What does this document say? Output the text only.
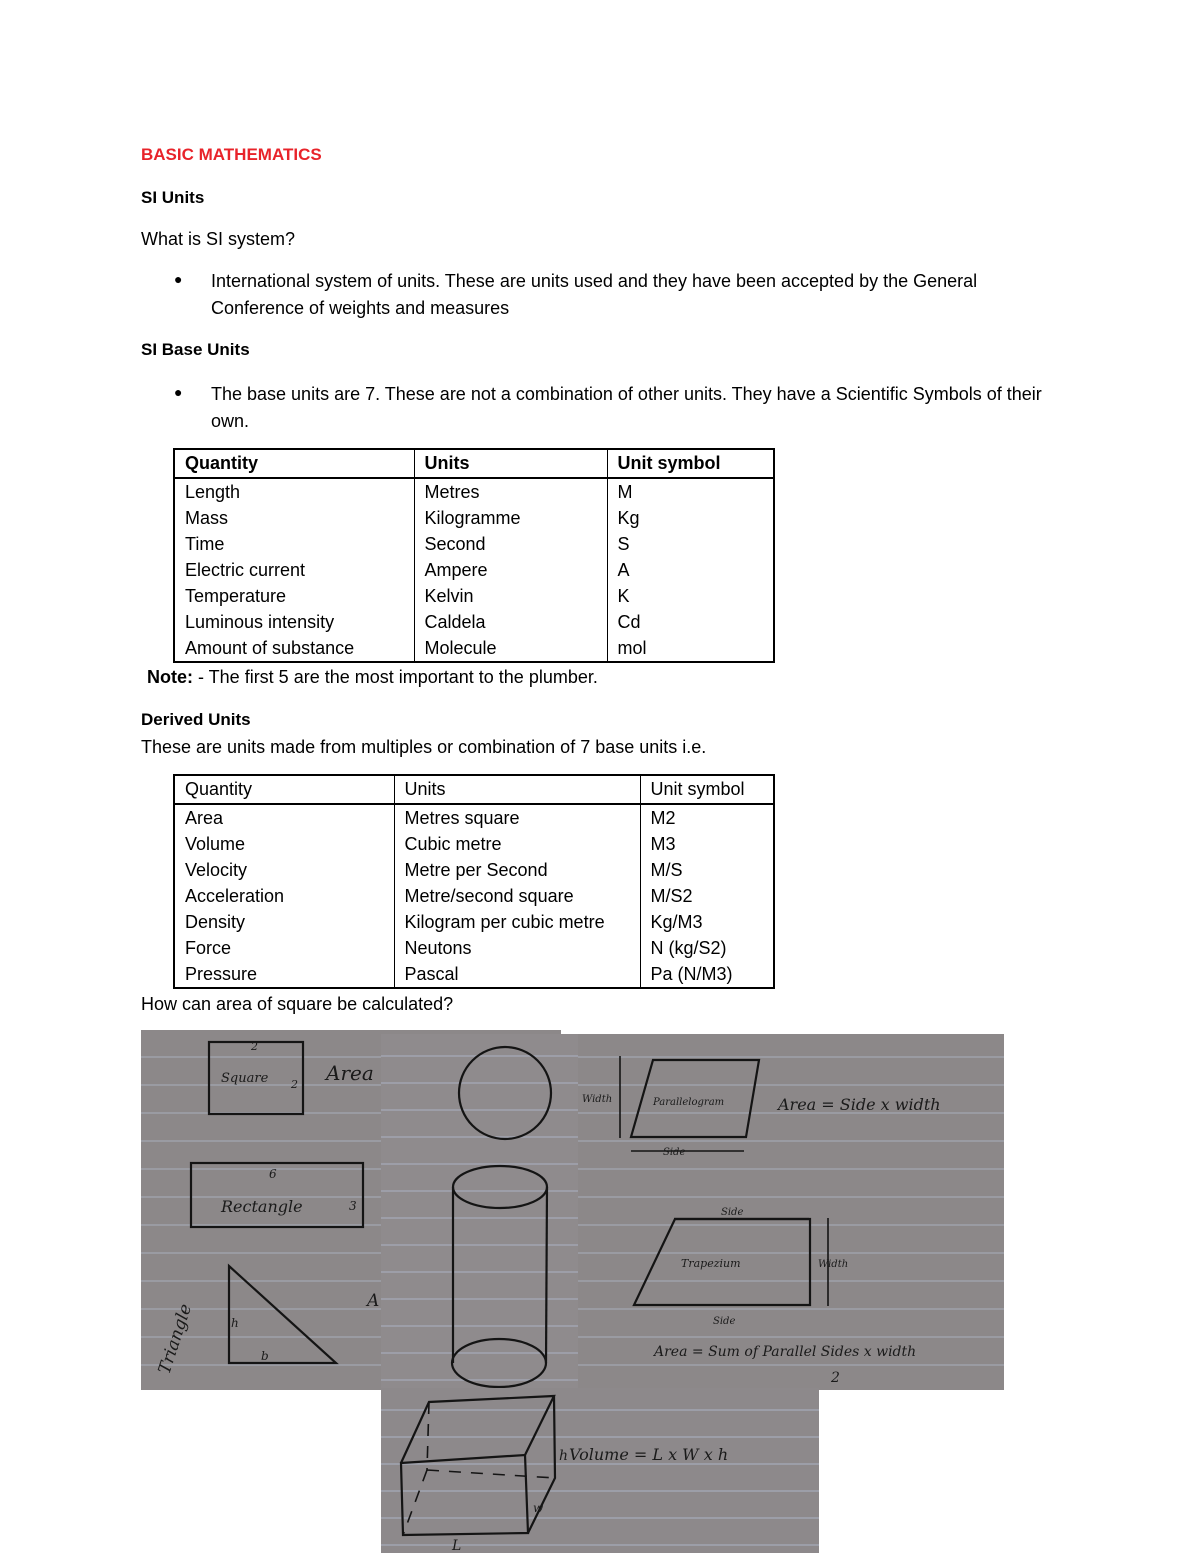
BASIC MATHEMATICS
SI Units
What is SI system?
● International system of units. These are units used and they have been accepted by the General Conference of weights and measures
SI Base Units
● The base units are 7. These are not a combination of other units. They have a Scientific Symbols of their own.
Quantity	Units	Unit symbol
Length	Metres	M
Mass	Kilogramme	Kg
Time	Second	S
Electric current	Ampere	A
Temperature	Kelvin	K
Luminous intensity	Caldela	Cd
Amount of substance	Molecule	mol
Note: - The first 5 are the most important to the plumber.
Derived Units
These are units made from multiples or combination of 7 base units i.e.
Quantity	Units	Unit symbol
Area	Metres square	M2
Volume	Cubic metre	M3
Velocity	Metre per Second	M/S
Acceleration	Metre/second square	M/S2
Density	Kilogram per cubic metre	Kg/M3
Force	Neutons	N (kg/S2)
Pressure	Pascal	Pa (N/M3)
How can area of square be calculated?
Square
2
2 Area
Rectangle
6
3
Triangle	h
b
A
Parallelogram
Width
Side
Area = Side x width
Trapezium
Side
Side
Width
Area = Sum of Parallel Sides x width
2
h
w
L
Volume = L x W x h
